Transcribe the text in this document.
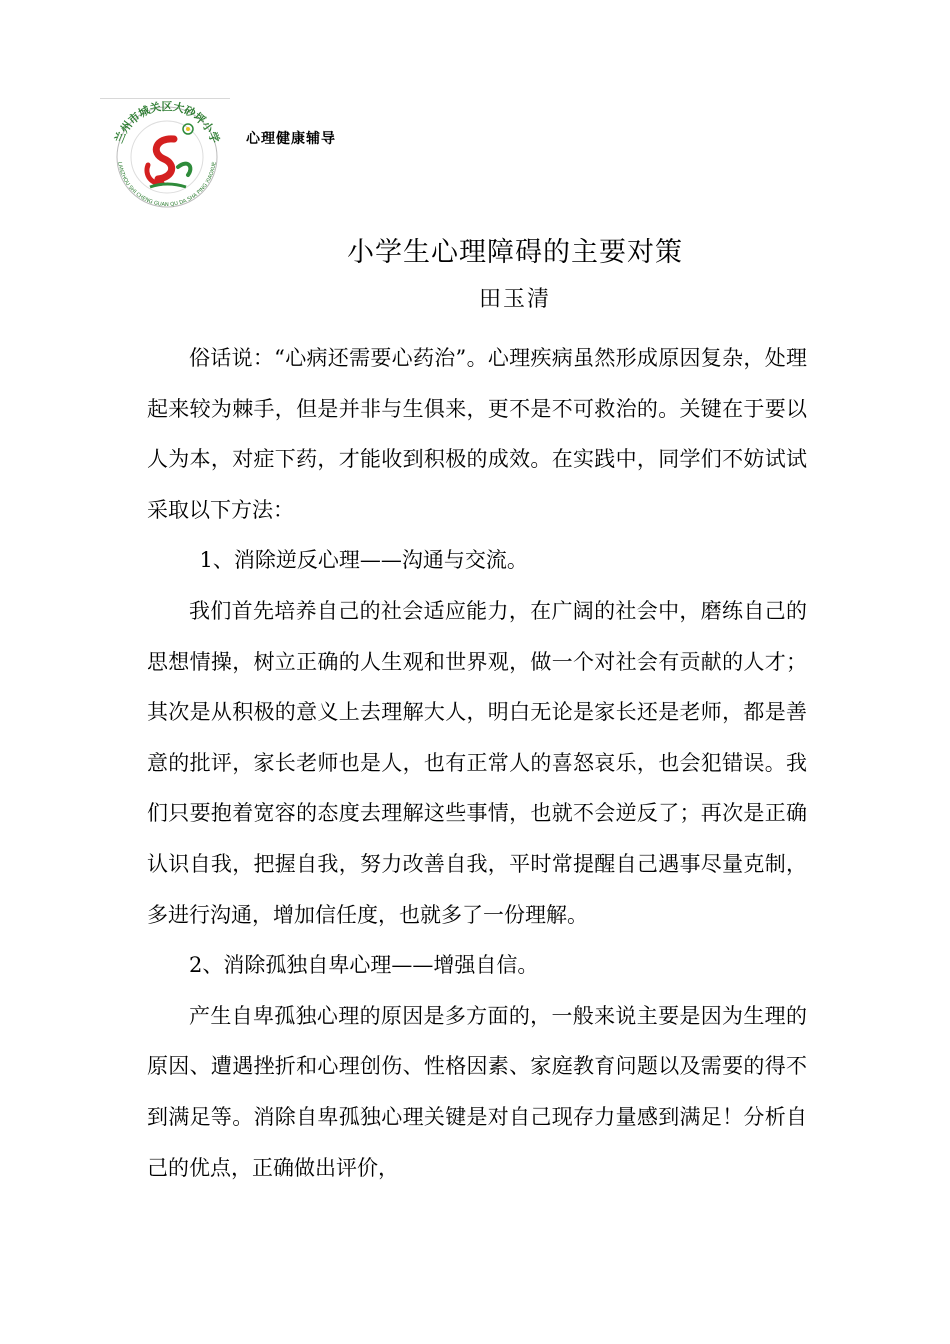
兰州市城关区大砂坪小学
LANZHOU SHI CHENG GUAN QU DA SHA PING XIAOXUE
心理健康辅导
小学生心理障碍的主要对策
田玉清

俗话说：“心病还需要心药治”。心理疾病虽然形成原因复杂，处理起来较为棘手，但是并非与生俱来，更不是不可救治的。关键在于要以人为本，对症下药，才能收到积极的成效。在实践中，同学们不妨试试采取以下方法：

1、消除逆反心理——沟通与交流。

我们首先培养自己的社会适应能力，在广阔的社会中，磨练自己的思想情操，树立正确的人生观和世界观，做一个对社会有贡献的人才；其次是从积极的意义上去理解大人，明白无论是家长还是老师，都是善意的批评，家长老师也是人，也有正常人的喜怒哀乐，也会犯错误。我们只要抱着宽容的态度去理解这些事情，也就不会逆反了；再次是正确认识自我，把握自我，努力改善自我，平时常提醒自己遇事尽量克制，多进行沟通，增加信任度，也就多了一份理解。

2、消除孤独自卑心理——增强自信。

产生自卑孤独心理的原因是多方面的，一般来说主要是因为生理的原因、遭遇挫折和心理创伤、性格因素、家庭教育问题以及需要的得不到满足等。消除自卑孤独心理关键是对自己现存力量感到满足！分析自己的优点，正确做出评价，
